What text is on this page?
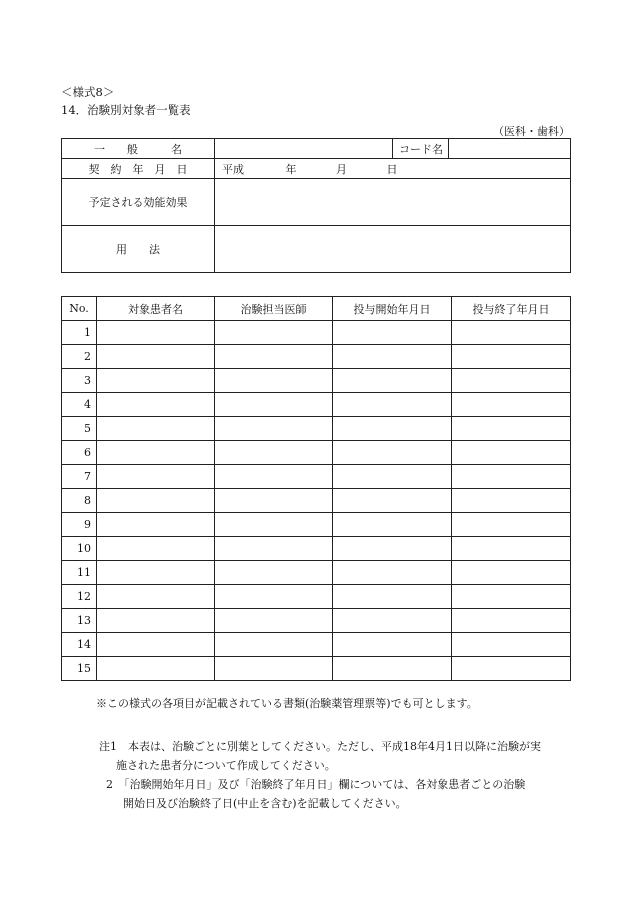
＜様式8＞
14．治験別対象者一覧表
（医科・歯科）
一　　般　　　名		コード名	
契　約　年　月　日	平成 年 月 日		
予定される効能効果			
用　　法			
No.	対象患者名	治験担当医師	投与開始年月日	投与終了年月日
1				
2				
3				
4				
5				
6				
7				
8				
9				
10				
11				
12				
13				
14				
15				
※この様式の各項目が記載されている書類(治験薬管理票等)でも可とします。
注1　本表は、治験ごとに別葉としてください。ただし、平成18年4月1日以降に治験が実
施された患者分について作成してください。
2　「治験開始年月日」及び「治験終了年月日」欄については、各対象患者ごとの治験
開始日及び治験終了日(中止を含む)を記載してください。
